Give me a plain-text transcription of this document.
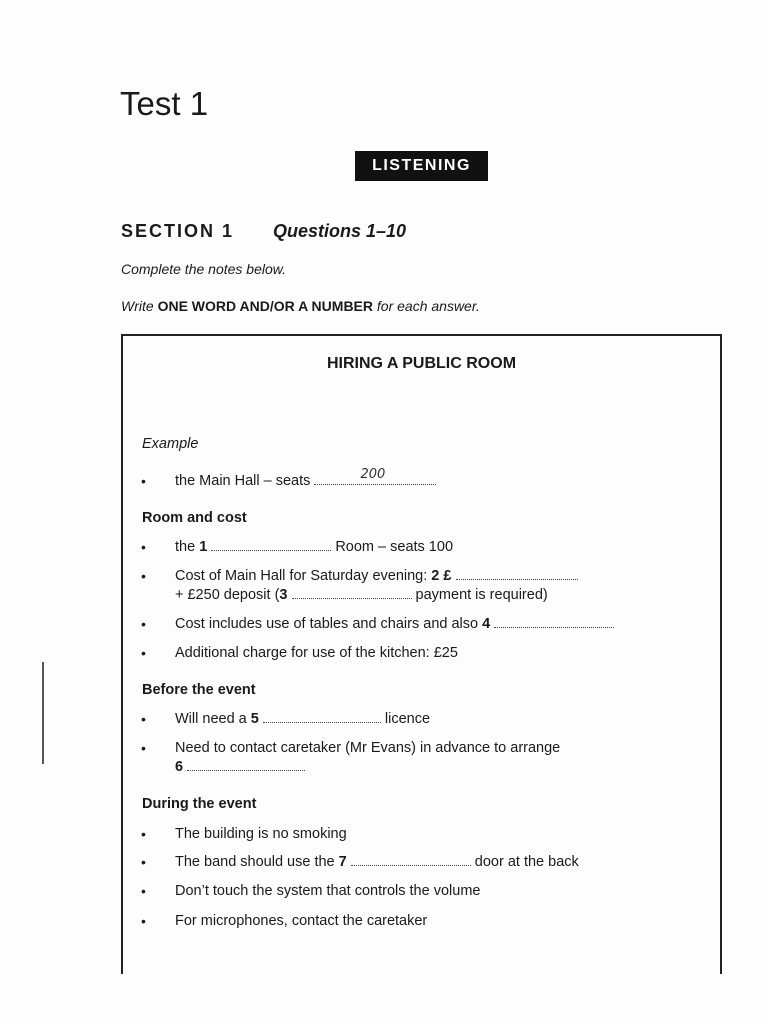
Test 1
LISTENING
SECTION 1	Questions 1–10
Complete the notes below.
Write ONE WORD AND/OR A NUMBER for each answer.
HIRING A PUBLIC ROOM
Example
• the Main Hall – seats	200
Room and cost
• the 1	Room – seats 100
• Cost of Main Hall for Saturday evening: 2 £
+ £250 deposit (3	payment is required)
• Cost includes use of tables and chairs and also 4
• Additional charge for use of the kitchen: £25
Before the event
• Will need a 5	licence
• Need to contact caretaker (Mr Evans) in advance to arrange
6
During the event
• The building is no smoking
• The band should use the 7	door at the back
• Don’t touch the system that controls the volume
• For microphones, contact the caretaker
